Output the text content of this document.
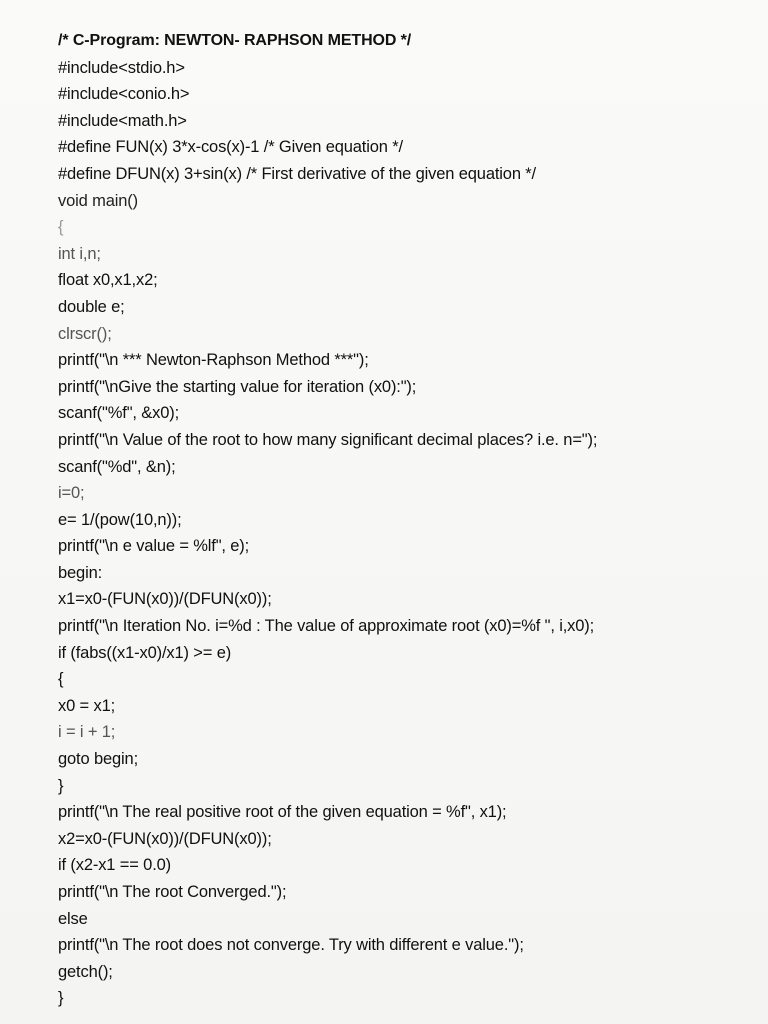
/* C-Program: NEWTON- RAPHSON METHOD */
#include<stdio.h>
#include<conio.h>
#include<math.h>
#define FUN(x) 3*x-cos(x)-1 /* Given equation */
#define DFUN(x) 3+sin(x) /* First derivative of the given equation */
void main()
{
int i,n;
float x0,x1,x2;
double e;
clrscr();
printf("\n *** Newton-Raphson Method ***");
printf("\nGive the starting value for iteration (x0):");
scanf("%f", &x0);
printf("\n Value of the root to how many significant decimal places? i.e. n=");
scanf("%d", &n);
i=0;
e= 1/(pow(10,n));
printf("\n e value = %lf", e);
begin:
x1=x0-(FUN(x0))/(DFUN(x0));
printf("\n Iteration No. i=%d : The value of approximate root (x0)=%f ", i,x0);
if (fabs((x1-x0)/x1) >= e)
{
x0 = x1;
i = i + 1;
goto begin;
}
printf("\n The real positive root of the given equation = %f", x1);
x2=x0-(FUN(x0))/(DFUN(x0));
if (x2-x1 == 0.0)
printf("\n The root Converged.");
else
printf("\n The root does not converge. Try with different e value.");
getch();
}
